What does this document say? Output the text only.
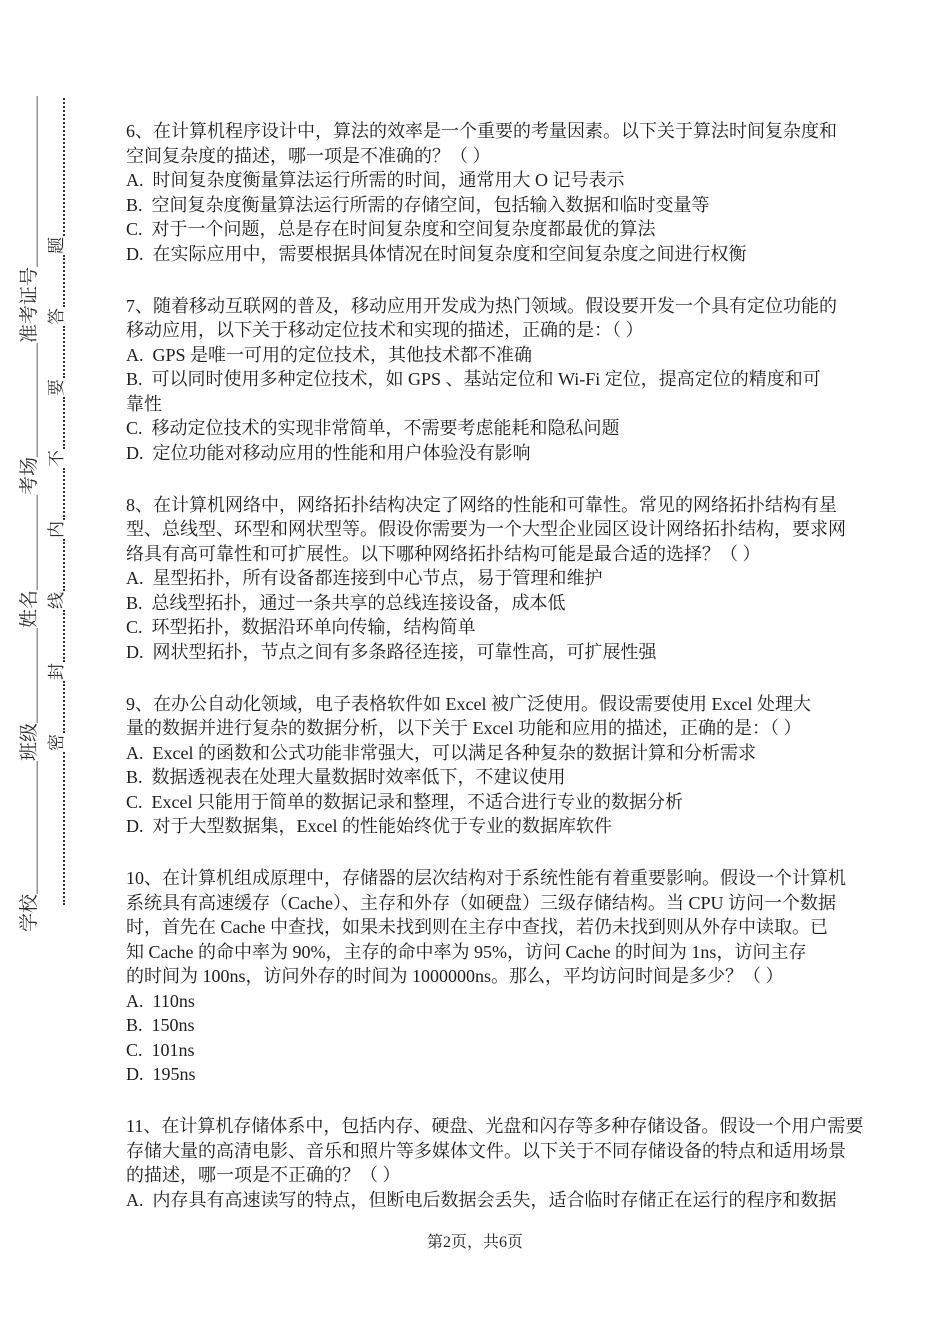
学校＿＿＿＿＿＿＿班级＿＿＿＿＿姓名＿＿＿＿＿考场＿＿＿＿＿＿准考证号＿＿＿＿＿＿＿＿＿ 密
封
线
内
不
要
答
题
6、在计算机程序设计中，算法的效率是一个重要的考量因素。以下关于算法时间复杂度和
空间复杂度的描述，哪一项是不准确的？（ ）
A.  时间复杂度衡量算法运行所需的时间，通常用大 O 记号表示
B.  空间复杂度衡量算法运行所需的存储空间，包括输入数据和临时变量等
C.  对于一个问题，总是存在时间复杂度和空间复杂度都最优的算法
D.  在实际应用中，需要根据具体情况在时间复杂度和空间复杂度之间进行权衡
7、随着移动互联网的普及，移动应用开发成为热门领域。假设要开发一个具有定位功能的
移动应用，以下关于移动定位技术和实现的描述，正确的是：（ ）
A.  GPS 是唯一可用的定位技术，其他技术都不准确
B.  可以同时使用多种定位技术，如 GPS 、基站定位和 Wi-Fi 定位，提高定位的精度和可
靠性
C.  移动定位技术的实现非常简单，不需要考虑能耗和隐私问题
D.  定位功能对移动应用的性能和用户体验没有影响
8、在计算机网络中，网络拓扑结构决定了网络的性能和可靠性。常见的网络拓扑结构有星
型、总线型、环型和网状型等。假设你需要为一个大型企业园区设计网络拓扑结构，要求网
络具有高可靠性和可扩展性。以下哪种网络拓扑结构可能是最合适的选择？（ ）
A.  星型拓扑，所有设备都连接到中心节点，易于管理和维护
B.  总线型拓扑，通过一条共享的总线连接设备，成本低
C.  环型拓扑，数据沿环单向传输，结构简单
D.  网状型拓扑，节点之间有多条路径连接，可靠性高，可扩展性强
9、在办公自动化领域，电子表格软件如 Excel 被广泛使用。假设需要使用 Excel 处理大
量的数据并进行复杂的数据分析，以下关于 Excel 功能和应用的描述，正确的是：（ ）
A.  Excel 的函数和公式功能非常强大，可以满足各种复杂的数据计算和分析需求
B.  数据透视表在处理大量数据时效率低下，不建议使用
C.  Excel 只能用于简单的数据记录和整理，不适合进行专业的数据分析
D.  对于大型数据集，Excel 的性能始终优于专业的数据库软件
10、在计算机组成原理中，存储器的层次结构对于系统性能有着重要影响。假设一个计算机
系统具有高速缓存（Cache）、主存和外存（如硬盘）三级存储结构。当 CPU 访问一个数据
时，首先在 Cache 中查找，如果未找到则在主存中查找，若仍未找到则从外存中读取。已
知 Cache 的命中率为 90%，主存的命中率为 95%，访问 Cache 的时间为 1ns，访问主存
的时间为 100ns，访问外存的时间为 1000000ns。那么，平均访问时间是多少？（ ）
A.  110ns
B.  150ns
C.  101ns
D.  195ns
11、在计算机存储体系中，包括内存、硬盘、光盘和闪存等多种存储设备。假设一个用户需要
存储大量的高清电影、音乐和照片等多媒体文件。以下关于不同存储设备的特点和适用场景
的描述，哪一项是不正确的？（ ）
A.  内存具有高速读写的特点，但断电后数据会丢失，适合临时存储正在运行的程序和数据
第2页，共6页
